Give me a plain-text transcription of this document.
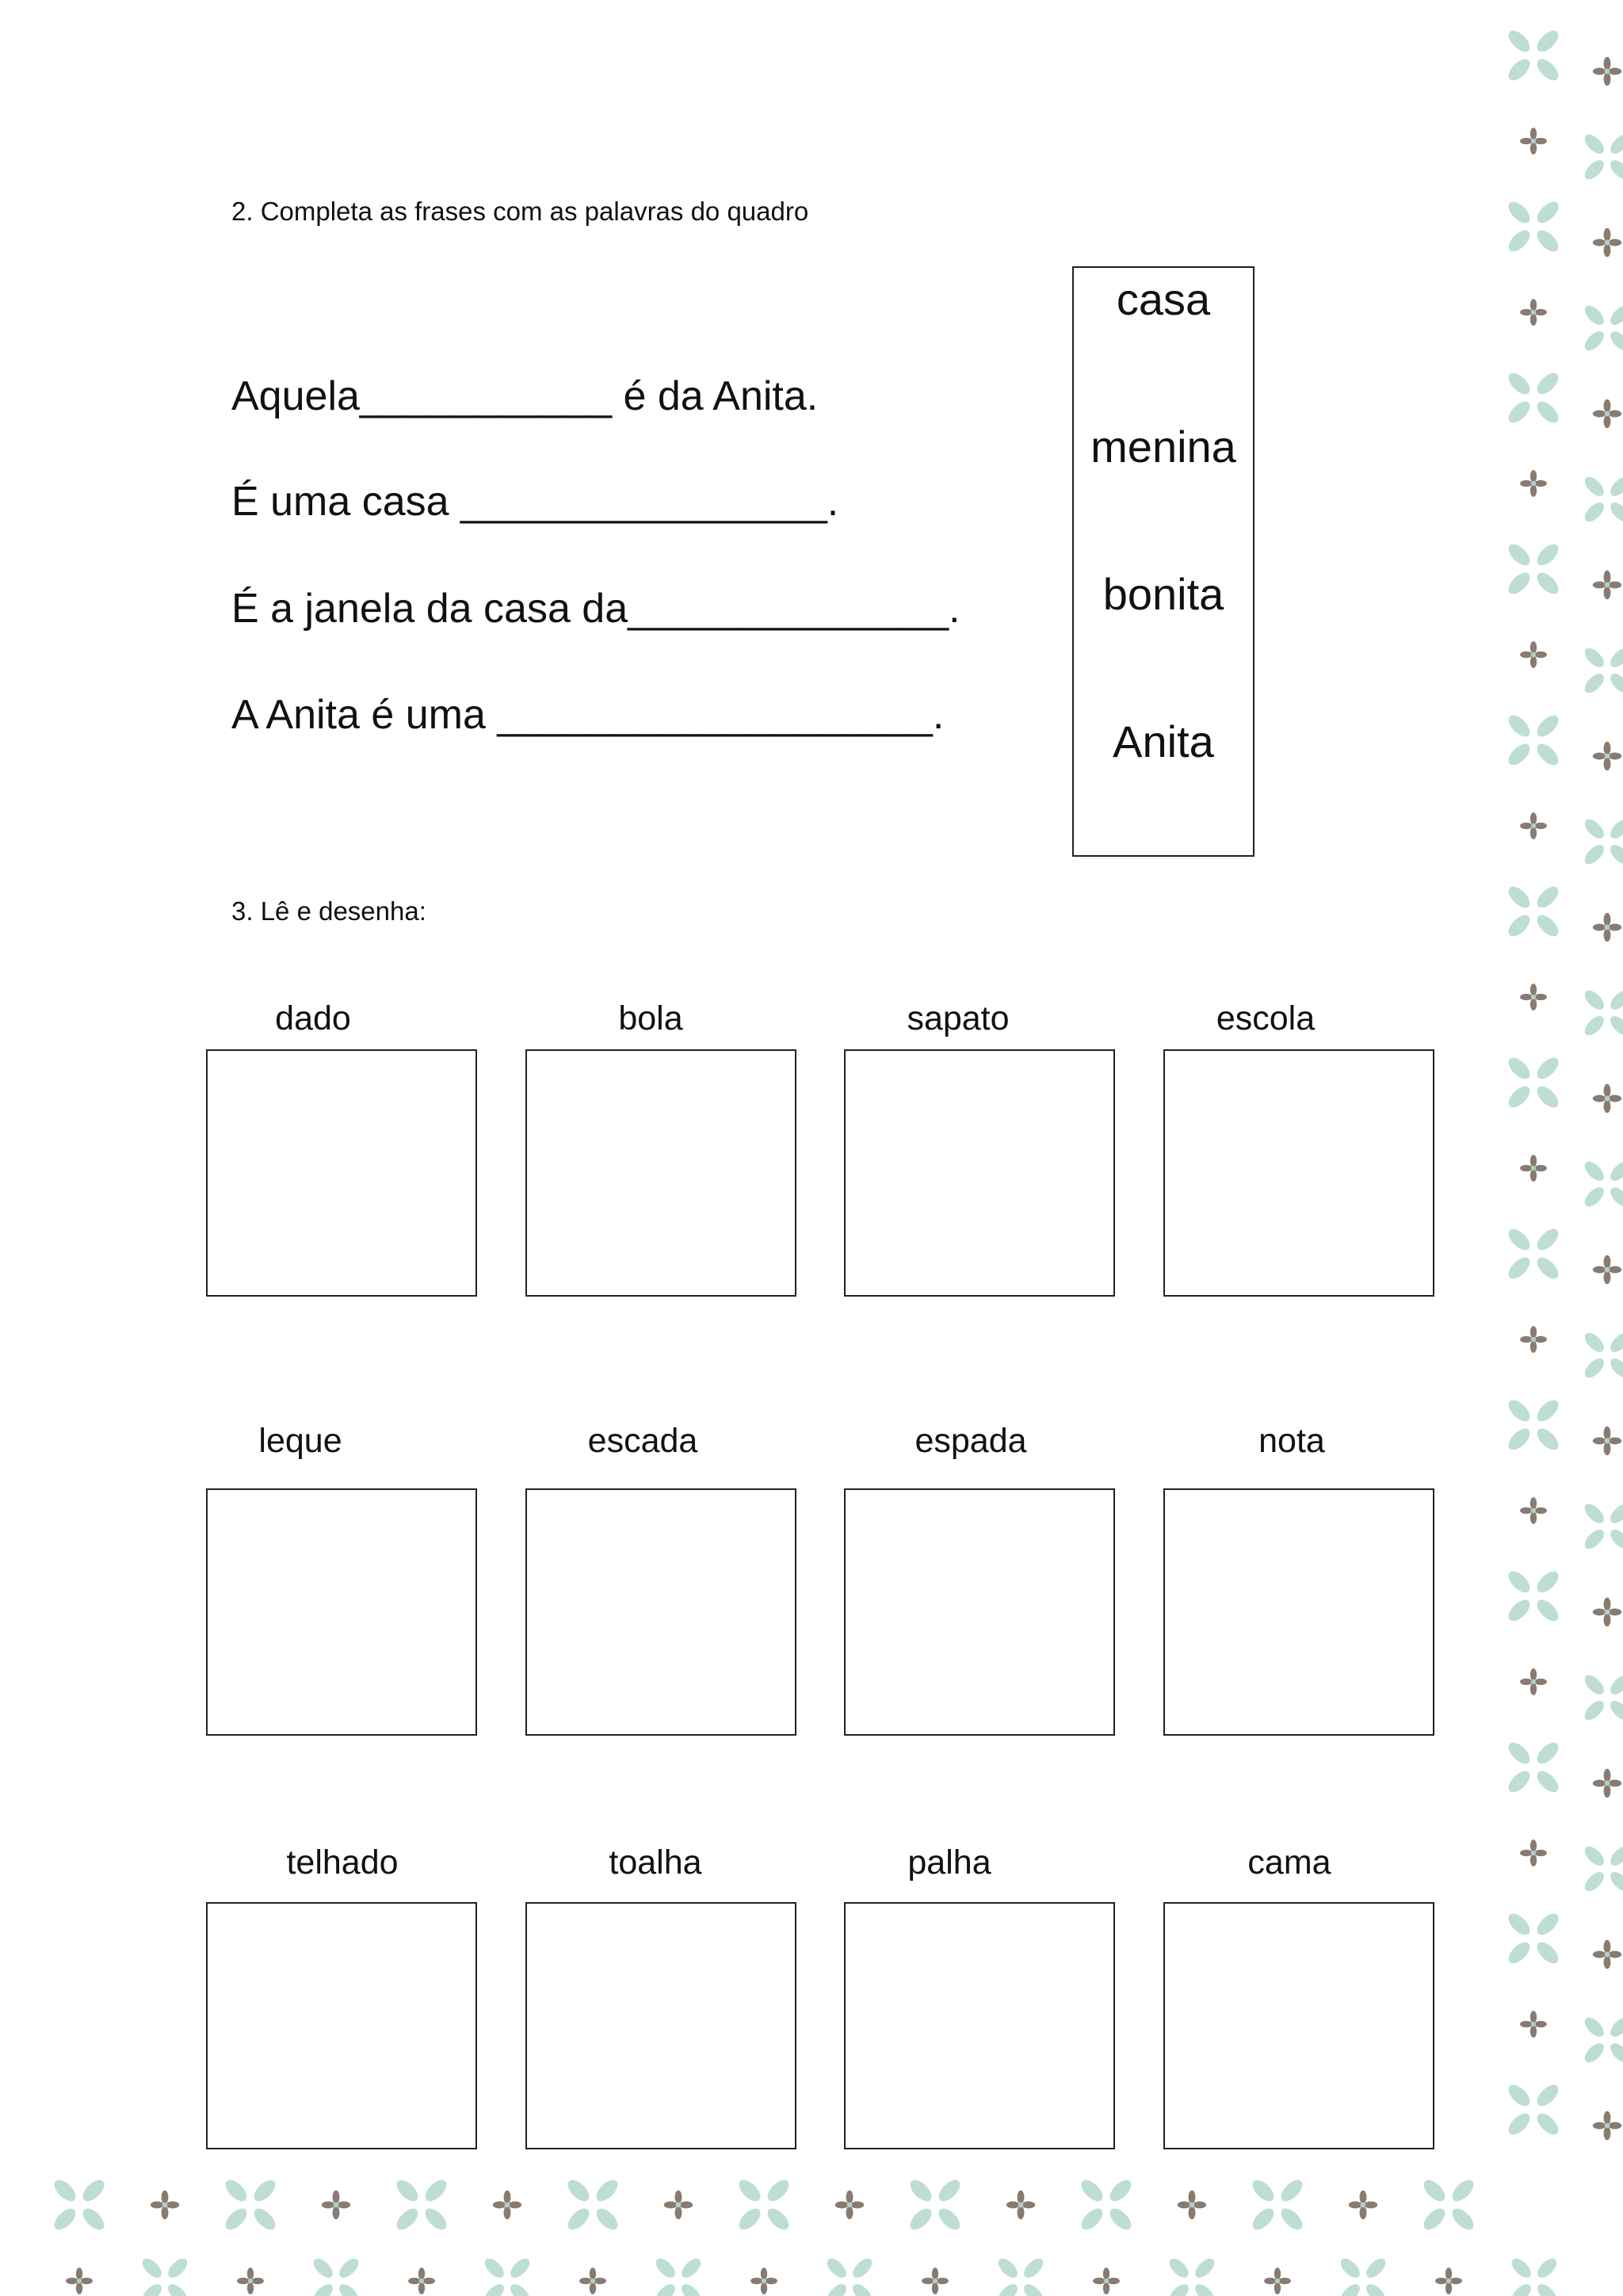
2. Completa as frases com as palavras do quadro
Aquela___________ é da Anita.
É uma casa ________________.
É a janela da casa da______________.
A Anita é uma ___________________.
casa
menina
bonita
Anita
3. Lê e desenha:
dado	bola	sapato	escola
leque	escada	espada	nota
telhado	toalha	palha	cama
